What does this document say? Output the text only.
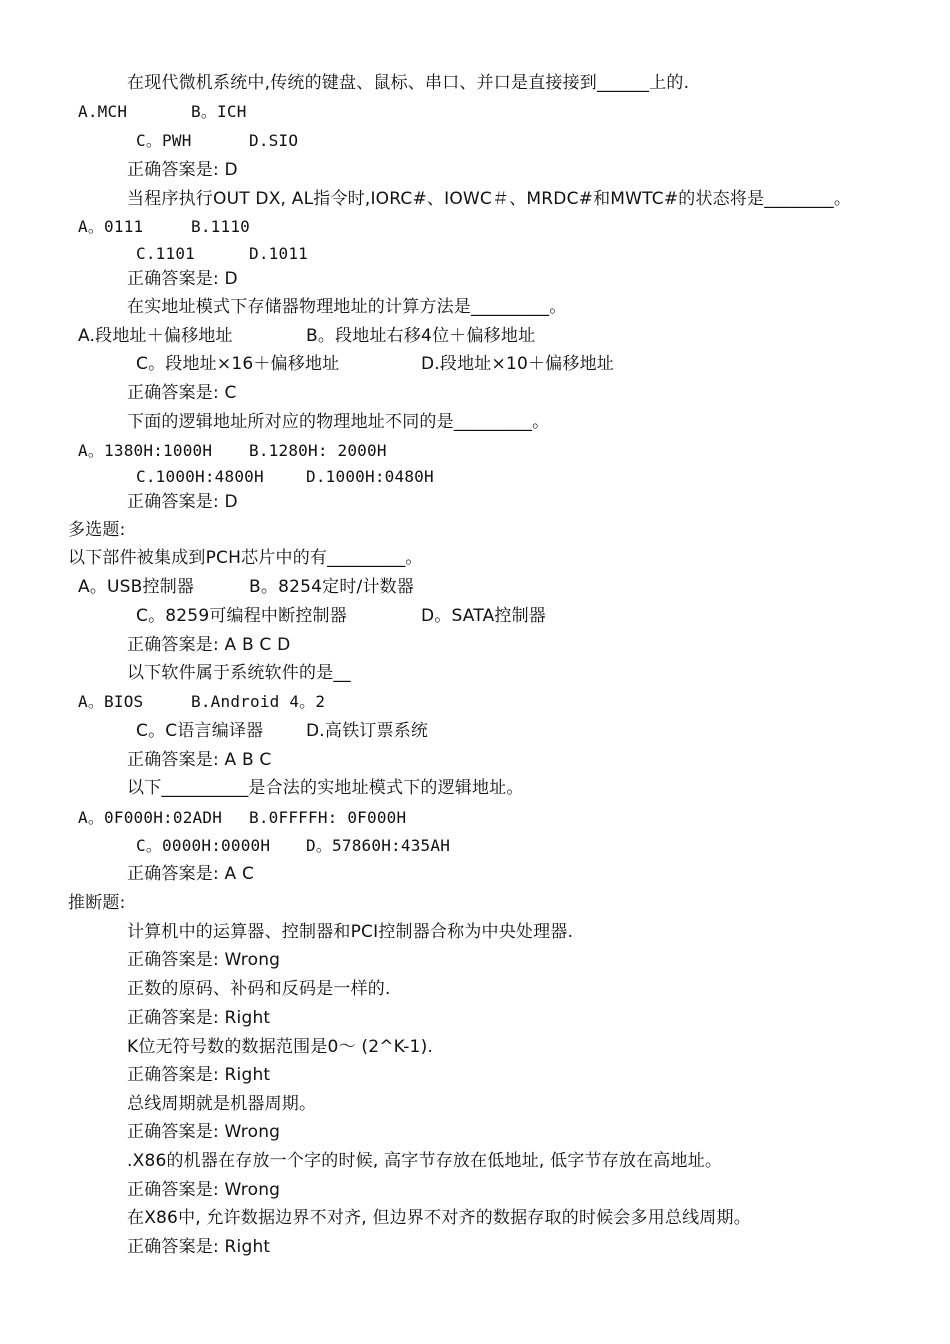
在现代微机系统中,传统的键盘、鼠标、串口、并口是直接接到______上的.
A.MCH	B。ICH
C。PWH	D.SIO
正确答案是: D
当程序执行OUT DX, AL指令时,IORC#、IOWC＃、MRDC#和MWTC#的状态将是________。
A。0111	B.1110
C.1101	D.1011
正确答案是: D
在实地址模式下存储器物理地址的计算方法是_________。
A.段地址＋偏移地址	B。段地址右移4位＋偏移地址
C。段地址×16＋偏移地址	D.段地址×10＋偏移地址
正确答案是: C
下面的逻辑地址所对应的物理地址不同的是_________。
A。1380H:1000H B.1280H: 2000H
C.1000H:4800H	D.1000H:0480H
正确答案是: D
多选题:
以下部件被集成到PCH芯片中的有_________。
A。USB控制器	B。8254定时/计数器
C。8259可编程中断控制器	D。SATA控制器
正确答案是: A B C D
以下软件属于系统软件的是__
A。BIOS	B.Android 4。2
C。C语言编译器	D.高铁订票系统
正确答案是: A B C
以下__________是合法的实地址模式下的逻辑地址。
A。0F000H:02ADH B.0FFFFH: 0F000H
C。0000H:0000H D。57860H:435AH
正确答案是: A C
推断题:
计算机中的运算器、控制器和PCI控制器合称为中央处理器.
正确答案是: Wrong
正数的原码、补码和反码是一样的.
正确答案是: Right
K位无符号数的数据范围是0～ (2^K-1).
正确答案是: Right
总线周期就是机器周期。
正确答案是: Wrong
.X86的机器在存放一个字的时候, 高字节存放在低地址, 低字节存放在高地址。
正确答案是: Wrong
在X86中, 允许数据边界不对齐, 但边界不对齐的数据存取的时候会多用总线周期。
正确答案是: Right
